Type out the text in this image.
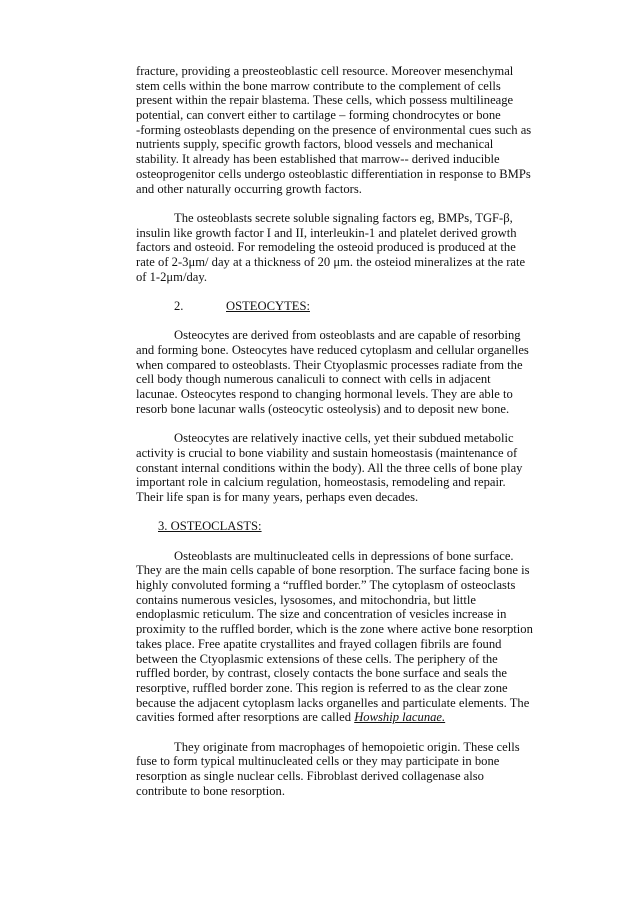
fracture, providing a preosteoblastic cell resource. Moreover mesenchymal
stem cells within the bone marrow contribute to the complement of cells
present within the repair blastema. These cells, which possess multilineage
potential, can convert either to cartilage – forming chondrocytes or bone
-forming osteoblasts depending on the presence of environmental cues such as
nutrients supply, specific growth factors, blood vessels and mechanical
stability. It already has been established that marrow-- derived inducible
osteoprogenitor cells undergo osteoblastic differentiation in response to BMPs
and other naturally occurring growth factors.
The osteoblasts secrete soluble signaling factors eg, BMPs, TGF-β,
insulin like growth factor I and II, interleukin-1 and platelet derived growth
factors and osteoid. For remodeling the osteoid produced is produced at the
rate of 2-3μm/ day at a thickness of 20 μm. the osteiod mineralizes at the rate
of 1-2μm/day.
2.	OSTEOCYTES:
Osteocytes are derived from osteoblasts and are capable of resorbing
and forming bone. Osteocytes have reduced cytoplasm and cellular organelles
when compared to osteoblasts. Their Ctyoplasmic processes radiate from the
cell body though numerous canaliculi to connect with cells in adjacent
lacunae. Osteocytes respond to changing hormonal levels. They are able to
resorb bone lacunar walls (osteocytic osteolysis) and to deposit new bone.
Osteocytes are relatively inactive cells, yet their subdued metabolic
activity is crucial to bone viability and sustain homeostasis (maintenance of
constant internal conditions within the body). All the three cells of bone play
important role in calcium regulation, homeostasis, remodeling and repair.
Their life span is for many years, perhaps even decades.
3. OSTEOCLASTS:
Osteoblasts are multinucleated cells in depressions of bone surface.
They are the main cells capable of bone resorption. The surface facing bone is
highly convoluted forming a “ruffled border.” The cytoplasm of osteoclasts
contains numerous vesicles, lysosomes, and mitochondria, but little
endoplasmic reticulum. The size and concentration of vesicles increase in
proximity to the ruffled border, which is the zone where active bone resorption
takes place. Free apatite crystallites and frayed collagen fibrils are found
between the Ctyoplasmic extensions of these cells. The periphery of the
ruffled border, by contrast, closely contacts the bone surface and seals the
resorptive, ruffled border zone. This region is referred to as the clear zone
because the adjacent cytoplasm lacks organelles and particulate elements. The
cavities formed after resorptions are called Howship lacunae.
They originate from macrophages of hemopoietic origin. These cells
fuse to form typical multinucleated cells or they may participate in bone
resorption as single nuclear cells. Fibroblast derived collagenase also
contribute to bone resorption.
